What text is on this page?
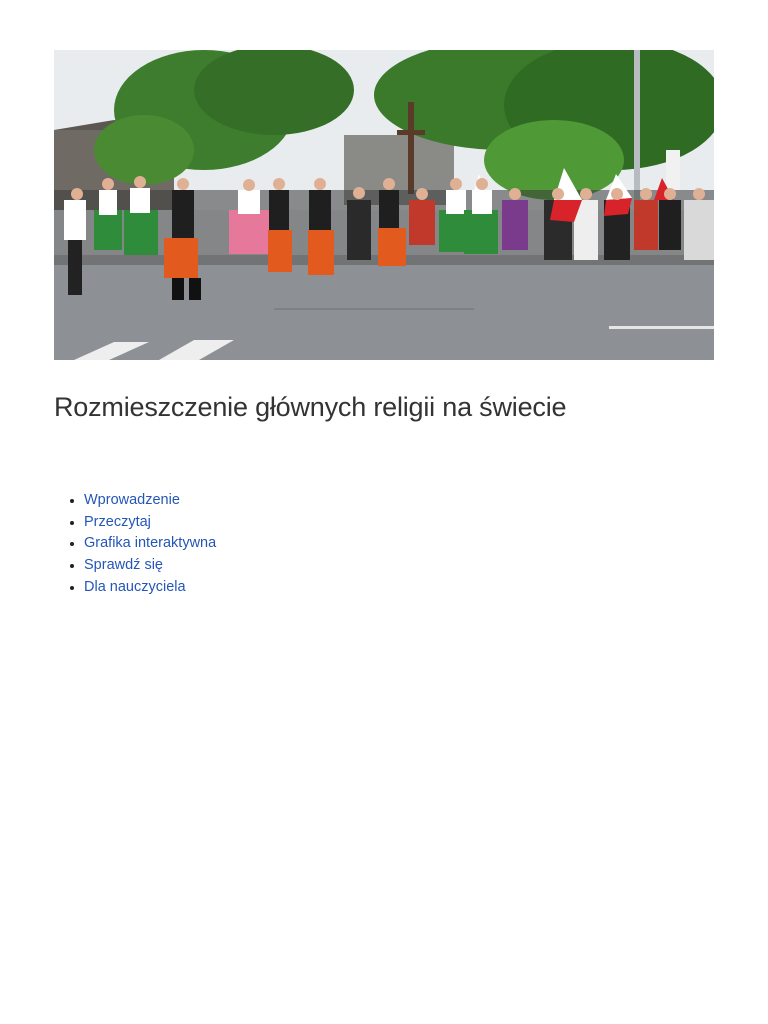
Rozmieszczenie głównych religii na świecie
Wprowadzenie
Przeczytaj
Grafika interaktywna
Sprawdź się
Dla nauczyciela
